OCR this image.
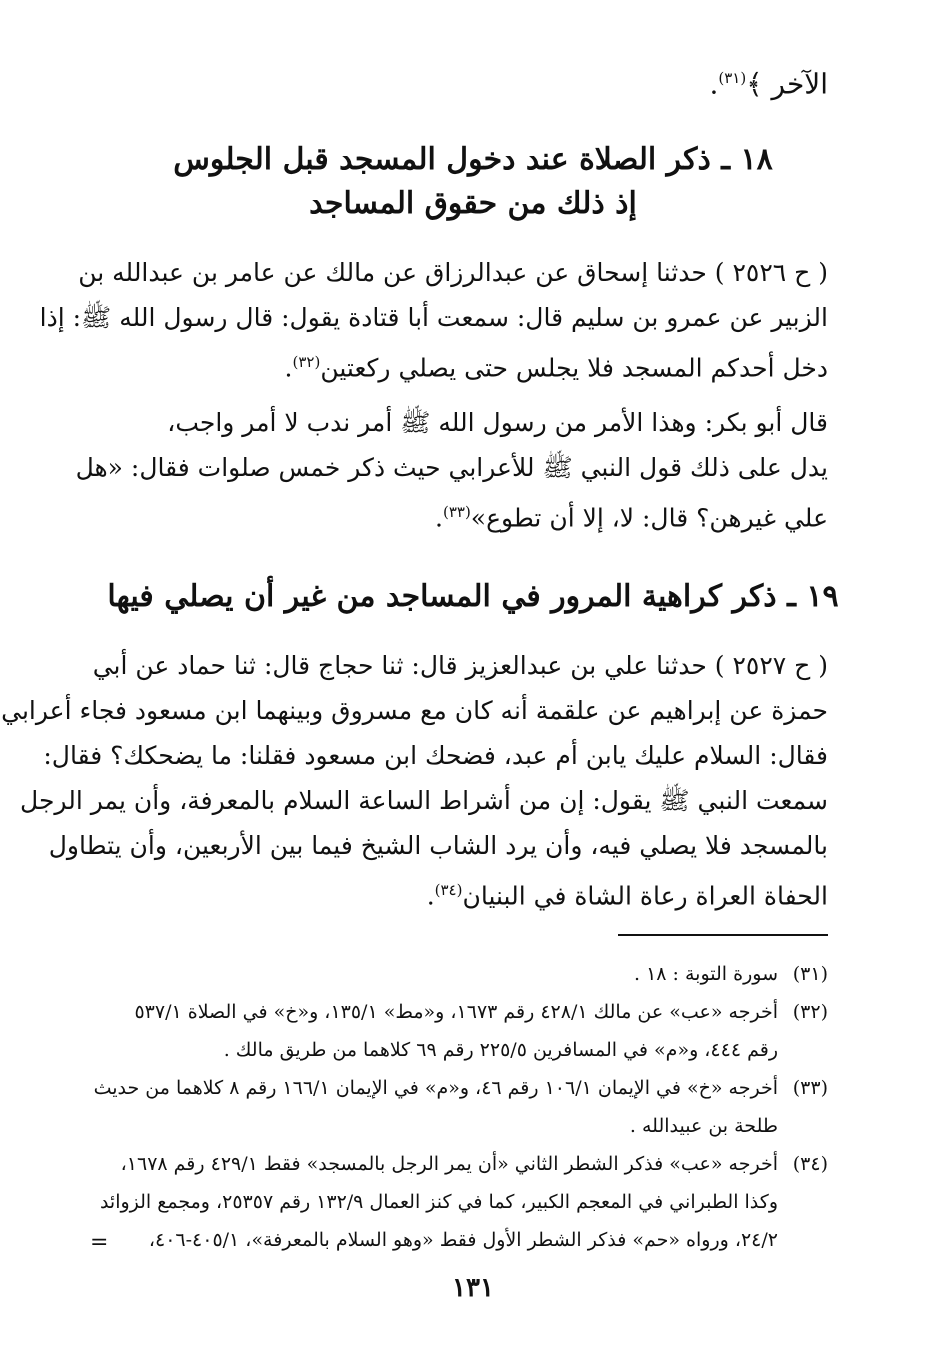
الآخر ﴾$^{(٣١)}$.
١٨ ـ ذكر الصلاة عند دخول المسجد قبل الجلوس
إذ ذلك من حقوق المساجد
( ح ٢٥٢٦ ) حدثنا إسحاق عن عبدالرزاق عن مالك عن عامر بن عبدالله بن
الزبير عن عمرو بن سليم قال: سمعت أبا قتادة يقول: قال رسول الله ﷺ: إذا
دخل أحدكم المسجد فلا يجلس حتى يصلي ركعتين$^{(٣٢)}$.
قال أبو بكر: وهذا الأمر من رسول الله ﷺ أمر ندب لا أمر واجب،
يدل على ذلك قول النبي ﷺ للأعرابي حيث ذكر خمس صلوات فقال: «هل
علي غيرهن؟ قال: لا، إلا أن تطوع»$^{(٣٣)}$.
١٩ ـ ذكر كراهية المرور في المساجد من غير أن يصلي فيها
( ح ٢٥٢٧ ) حدثنا علي بن عبدالعزيز قال: ثنا حجاج قال: ثنا حماد عن أبي
حمزة عن إبراهيم عن علقمة أنه كان مع مسروق وبينهما ابن مسعود فجاء أعرابي
فقال: السلام عليك يابن أم عبد، فضحك ابن مسعود فقلنا: ما يضحكك؟ فقال:
سمعت النبي ﷺ يقول: إن من أشراط الساعة السلام بالمعرفة، وأن يمر الرجل
بالمسجد فلا يصلي فيه، وأن يرد الشاب الشيخ فيما بين الأربعين، وأن يتطاول
الحفاة العراة رعاة الشاة في البنيان$^{(٣٤)}$.
(٣١)
سورة التوبة : ١٨ .
(٣٢)
أخرجه «عب» عن مالك ٤٢٨/١ رقم ١٦٧٣، و«مط» ١٣٥/١، و«خ» في الصلاة ٥٣٧/١
رقم ٤٤٤، و«م» في المسافرين ٢٢٥/٥ رقم ٦٩ كلاهما من طريق مالك .
(٣٣)
أخرجه «خ» في الإيمان ١٠٦/١ رقم ٤٦، و«م» في الإيمان ١٦٦/١ رقم ٨ كلاهما من حديث
طلحة بن عبيدالله .
(٣٤)
أخرجه «عب» فذكر الشطر الثاني «أن يمر الرجل بالمسجد» فقط ٤٢٩/١ رقم ١٦٧٨،
وكذا الطبراني في المعجم الكبير، كما في كنز العمال ١٣٢/٩ رقم ٢٥٣٥٧، ومجمع الزوائد
٢٤/٢، ورواه «حم» فذكر الشطر الأول فقط «وهو السلام بالمعرفة»، ٤٠٥/١-٤٠٦،
=
١٣١
